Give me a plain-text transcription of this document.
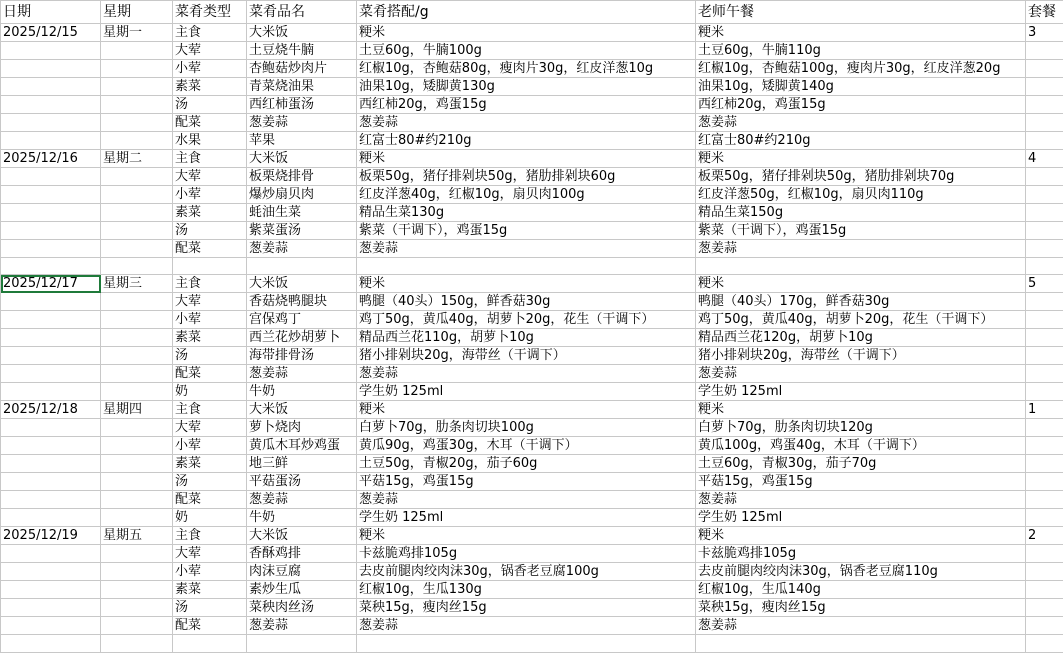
日期	星期	菜肴类型	菜肴品名	菜肴搭配/g	老师午餐	套餐
2025/12/15	星期一	主食	大米饭	粳米	粳米	3
		大荤	土豆烧牛腩	土豆60g，牛腩100g	土豆60g，牛腩110g	
		小荤	杏鲍菇炒肉片	红椒10g，杏鲍菇80g，瘦肉片30g，红皮洋葱10g	红椒10g，杏鲍菇100g，瘦肉片30g，红皮洋葱20g	
		素菜	青菜烧油果	油果10g，矮脚黄130g	油果10g，矮脚黄140g	
		汤	西红柿蛋汤	西红柿20g，鸡蛋15g	西红柿20g，鸡蛋15g	
		配菜	葱姜蒜	葱姜蒜	葱姜蒜	
		水果	苹果	红富士80#约210g	红富士80#约210g	
2025/12/16	星期二	主食	大米饭	粳米	粳米	4
		大荤	板栗烧排骨	板栗50g，猪仔排剁块50g，猪肋排剁块60g	板栗50g，猪仔排剁块50g，猪肋排剁块70g	
		小荤	爆炒扇贝肉	红皮洋葱40g，红椒10g，扇贝肉100g	红皮洋葱50g，红椒10g，扇贝肉110g	
		素菜	蚝油生菜	精品生菜130g	精品生菜150g	
		汤	紫菜蛋汤	紫菜（干调下），鸡蛋15g	紫菜（干调下），鸡蛋15g	
		配菜	葱姜蒜	葱姜蒜	葱姜蒜	

2025/12/17	星期三	主食	大米饭	粳米	粳米	5
		大荤	香菇烧鸭腿块	鸭腿（40头）150g，鲜香菇30g	鸭腿（40头）170g，鲜香菇30g	
		小荤	宫保鸡丁	鸡丁50g，黄瓜40g，胡萝卜20g，花生（干调下）	鸡丁50g，黄瓜40g，胡萝卜20g，花生（干调下）	
		素菜	西兰花炒胡萝卜	精品西兰花110g，胡萝卜10g	精品西兰花120g，胡萝卜10g	
		汤	海带排骨汤	猪小排剁块20g，海带丝（干调下）	猪小排剁块20g，海带丝（干调下）	
		配菜	葱姜蒜	葱姜蒜	葱姜蒜	
		奶	牛奶	学生奶 125ml	学生奶 125ml	
2025/12/18	星期四	主食	大米饭	粳米	粳米	1
		大荤	萝卜烧肉	白萝卜70g，肋条肉切块100g	白萝卜70g，肋条肉切块120g	
		小荤	黄瓜木耳炒鸡蛋	黄瓜90g，鸡蛋30g，木耳（干调下）	黄瓜100g，鸡蛋40g，木耳（干调下）	
		素菜	地三鲜	土豆50g，青椒20g，茄子60g	土豆60g，青椒30g，茄子70g	
		汤	平菇蛋汤	平菇15g，鸡蛋15g	平菇15g，鸡蛋15g	
		配菜	葱姜蒜	葱姜蒜	葱姜蒜	
		奶	牛奶	学生奶 125ml	学生奶 125ml	
2025/12/19	星期五	主食	大米饭	粳米	粳米	2
		大荤	香酥鸡排	卡兹脆鸡排105g	卡兹脆鸡排105g	
		小荤	肉沫豆腐	去皮前腿肉绞肉沫30g，锅香老豆腐100g	去皮前腿肉绞肉沫30g，锅香老豆腐110g	
		素菜	素炒生瓜	红椒10g，生瓜130g	红椒10g，生瓜140g	
		汤	菜秧肉丝汤	菜秧15g，瘦肉丝15g	菜秧15g，瘦肉丝15g	
		配菜	葱姜蒜	葱姜蒜	葱姜蒜	
